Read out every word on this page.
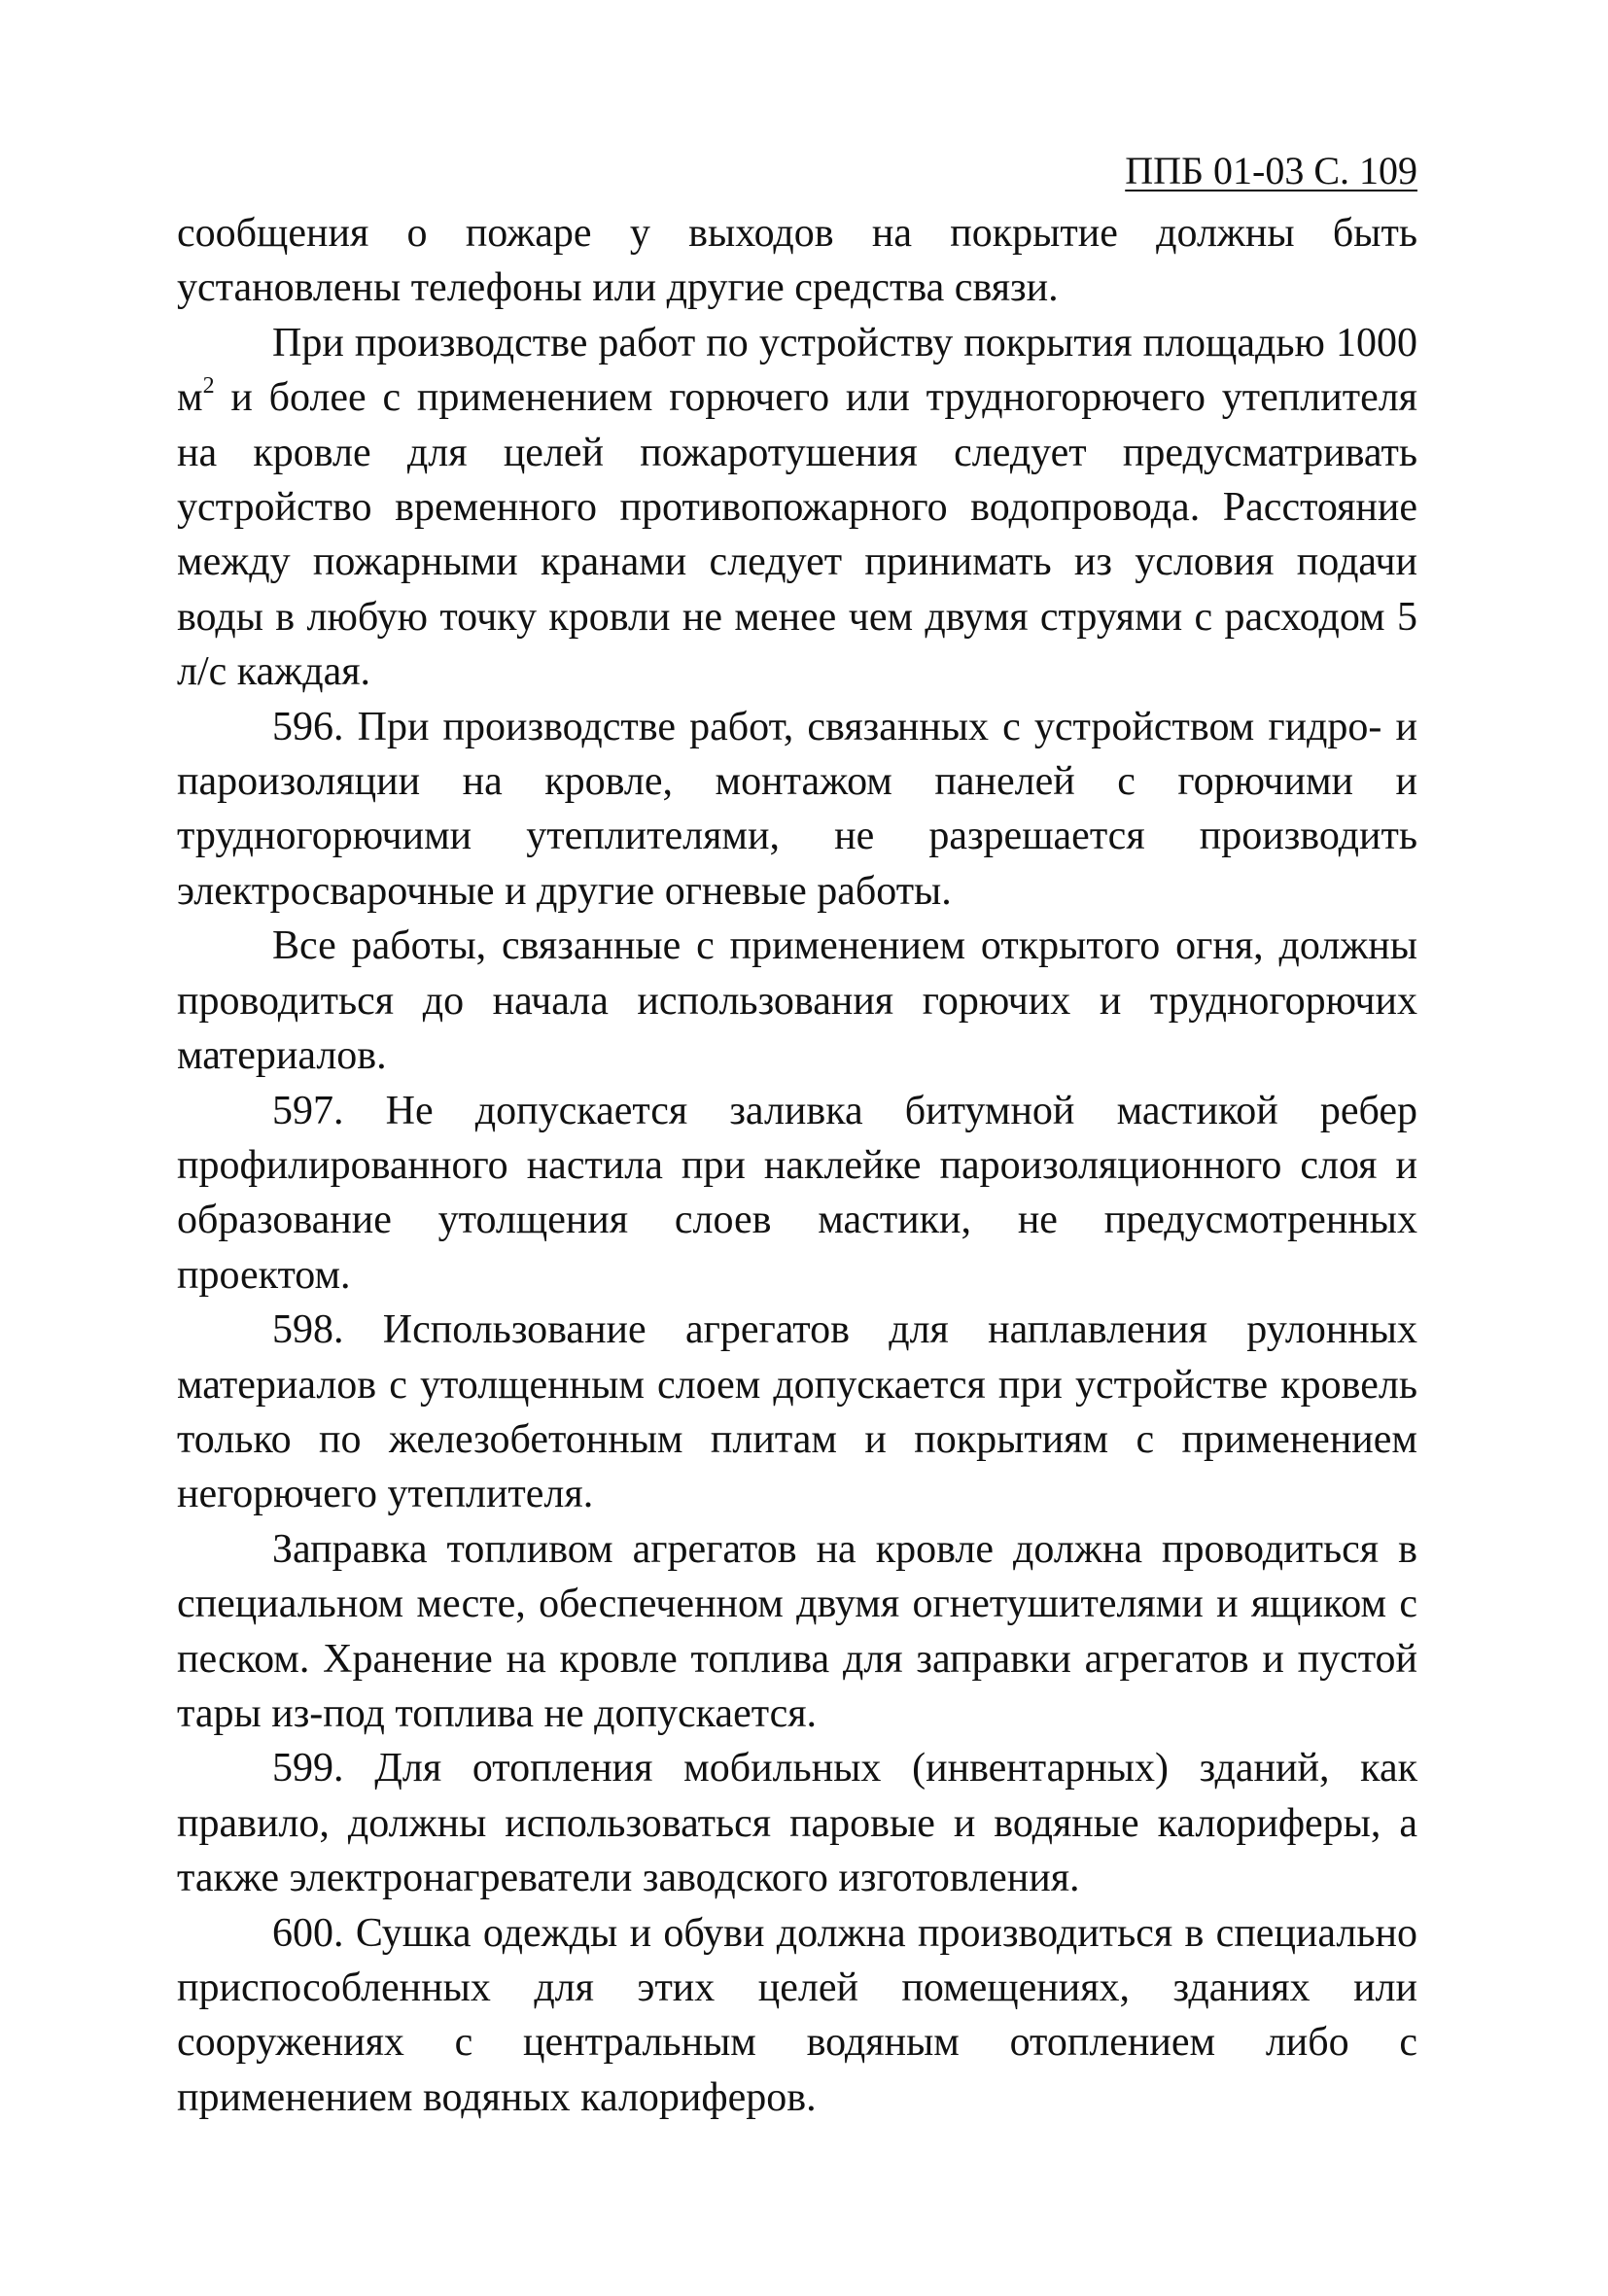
ППБ 01-03 С. 109

сообщения о пожаре у выходов на покрытие должны быть установлены телефоны или другие средства связи.

При производстве работ по устройству покрытия площадью 1000 $м^2$ и более с применением горючего или трудногорючего утеплителя на кровле для целей пожаротушения следует предусматривать устройство временного противопожарного водопровода. Расстояние между пожарными кранами следует принимать из условия подачи воды в любую точку кровли не менее чем двумя струями с расходом 5 л/с каждая.

596. При производстве работ, связанных с устройством гидро- и пароизоляции на кровле, монтажом панелей с горючими и трудногорючими утеплителями, не разрешается производить электросварочные и другие огневые работы.

Все работы, связанные с применением открытого огня, должны проводиться до начала использования горючих и трудногорючих материалов.

597. Не допускается заливка битумной мастикой ребер профилированного настила при наклейке пароизоляционного слоя и образование утолщения слоев мастики, не предусмотренных проектом.

598. Использование агрегатов для наплавления рулонных материалов с утолщенным слоем допускается при устройстве кровель только по железобетонным плитам и покрытиям с применением негорючего утеплителя.

Заправка топливом агрегатов на кровле должна проводиться в специальном месте, обеспеченном двумя огнетушителями и ящиком с песком. Хранение на кровле топлива для заправки агрегатов и пустой тары из-под топлива не допускается.

599. Для отопления мобильных (инвентарных) зданий, как правило, должны использоваться паровые и водяные калориферы, а также электронагреватели заводского изготовления.

600. Сушка одежды и обуви должна производиться в специально приспособленных для этих целей помещениях, зданиях или сооружениях с центральным водяным отоплением либо с применением водяных калориферов.
